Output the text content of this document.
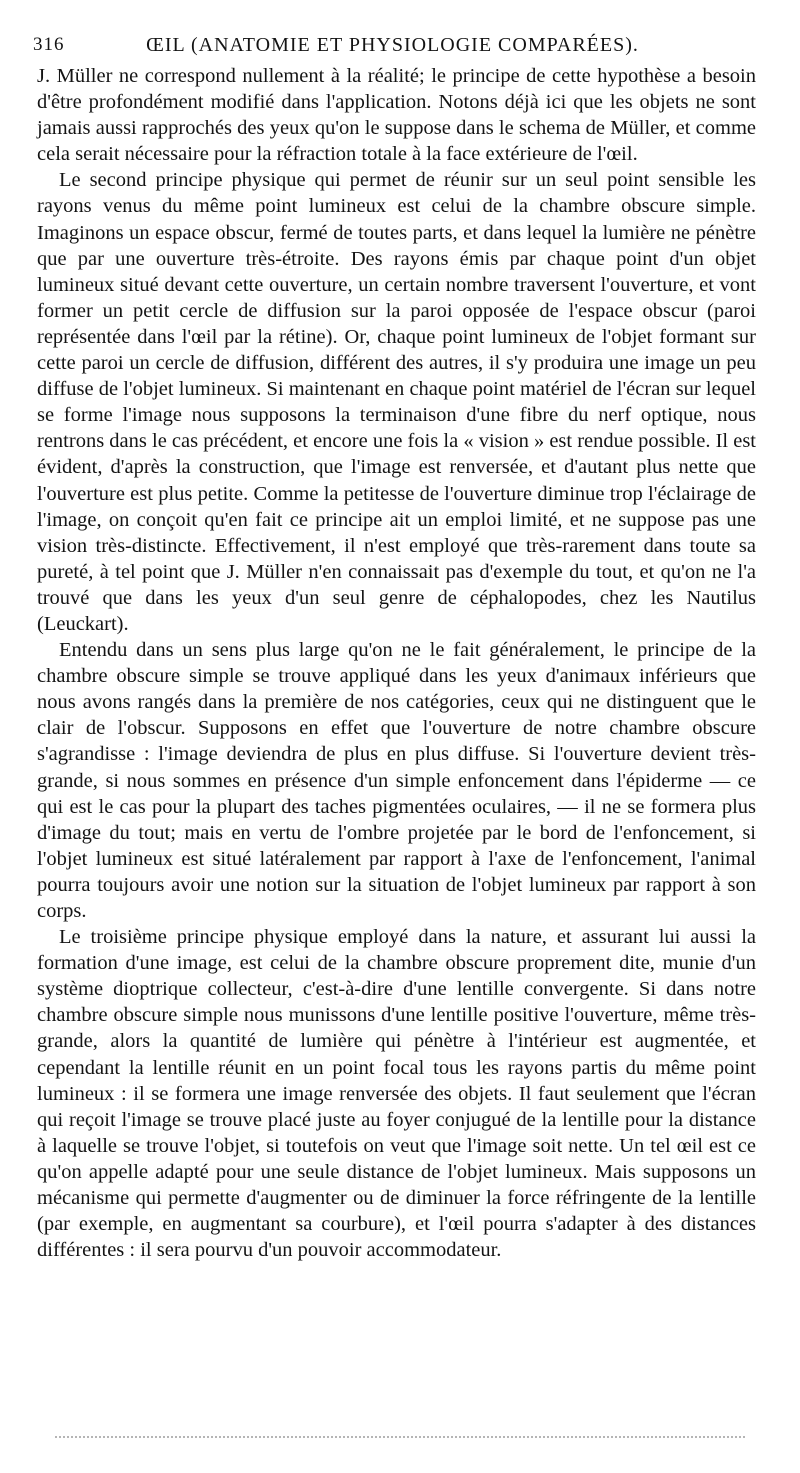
316	ŒIL (ANATOMIE ET PHYSIOLOGIE COMPARÉES).

J. Müller ne correspond nullement à la réalité; le principe de cette hypothèse a besoin d'être profondément modifié dans l'application. Notons déjà ici que les objets ne sont jamais aussi rapprochés des yeux qu'on le suppose dans le schema de Müller, et comme cela serait nécessaire pour la réfraction totale à la face extérieure de l'œil.

Le second principe physique qui permet de réunir sur un seul point sensible les rayons venus du même point lumineux est celui de la chambre obscure simple. Imaginons un espace obscur, fermé de toutes parts, et dans lequel la lumière ne pénètre que par une ouverture très-étroite. Des rayons émis par chaque point d'un objet lumineux situé devant cette ouverture, un certain nombre traversent l'ouverture, et vont former un petit cercle de diffusion sur la paroi opposée de l'espace obscur (paroi représentée dans l'œil par la rétine). Or, chaque point lumineux de l'objet formant sur cette paroi un cercle de diffusion, différent des autres, il s'y produira une image un peu diffuse de l'objet lumineux. Si maintenant en chaque point matériel de l'écran sur lequel se forme l'image nous supposons la terminaison d'une fibre du nerf optique, nous rentrons dans le cas précédent, et encore une fois la « vision » est rendue possible. Il est évident, d'après la construction, que l'image est renversée, et d'autant plus nette que l'ouverture est plus petite. Comme la petitesse de l'ouverture diminue trop l'éclairage de l'image, on conçoit qu'en fait ce principe ait un emploi limité, et ne suppose pas une vision très-distincte. Effectivement, il n'est employé que très-rarement dans toute sa pureté, à tel point que J. Müller n'en connaissait pas d'exemple du tout, et qu'on ne l'a trouvé que dans les yeux d'un seul genre de céphalopodes, chez les Nautilus (Leuckart).

Entendu dans un sens plus large qu'on ne le fait généralement, le principe de la chambre obscure simple se trouve appliqué dans les yeux d'animaux inférieurs que nous avons rangés dans la première de nos catégories, ceux qui ne distinguent que le clair de l'obscur. Supposons en effet que l'ouverture de notre chambre obscure s'agrandisse : l'image deviendra de plus en plus diffuse. Si l'ouverture devient très-grande, si nous sommes en présence d'un simple enfoncement dans l'épiderme — ce qui est le cas pour la plupart des taches pigmentées oculaires, — il ne se formera plus d'image du tout; mais en vertu de l'ombre projetée par le bord de l'enfoncement, si l'objet lumineux est situé latéralement par rapport à l'axe de l'enfoncement, l'animal pourra toujours avoir une notion sur la situation de l'objet lumineux par rapport à son corps.

Le troisième principe physique employé dans la nature, et assurant lui aussi la formation d'une image, est celui de la chambre obscure proprement dite, munie d'un système dioptrique collecteur, c'est-à-dire d'une lentille convergente. Si dans notre chambre obscure simple nous munissons d'une lentille positive l'ouverture, même très-grande, alors la quantité de lumière qui pénètre à l'intérieur est augmentée, et cependant la lentille réunit en un point focal tous les rayons partis du même point lumineux : il se formera une image renversée des objets. Il faut seulement que l'écran qui reçoit l'image se trouve placé juste au foyer conjugué de la lentille pour la distance à laquelle se trouve l'objet, si toutefois on veut que l'image soit nette. Un tel œil est ce qu'on appelle adapté pour une seule distance de l'objet lumineux. Mais supposons un mécanisme qui permette d'augmenter ou de diminuer la force réfringente de la lentille (par exemple, en augmentant sa courbure), et l'œil pourra s'adapter à des distances différentes : il sera pourvu d'un pouvoir accommodateur.
